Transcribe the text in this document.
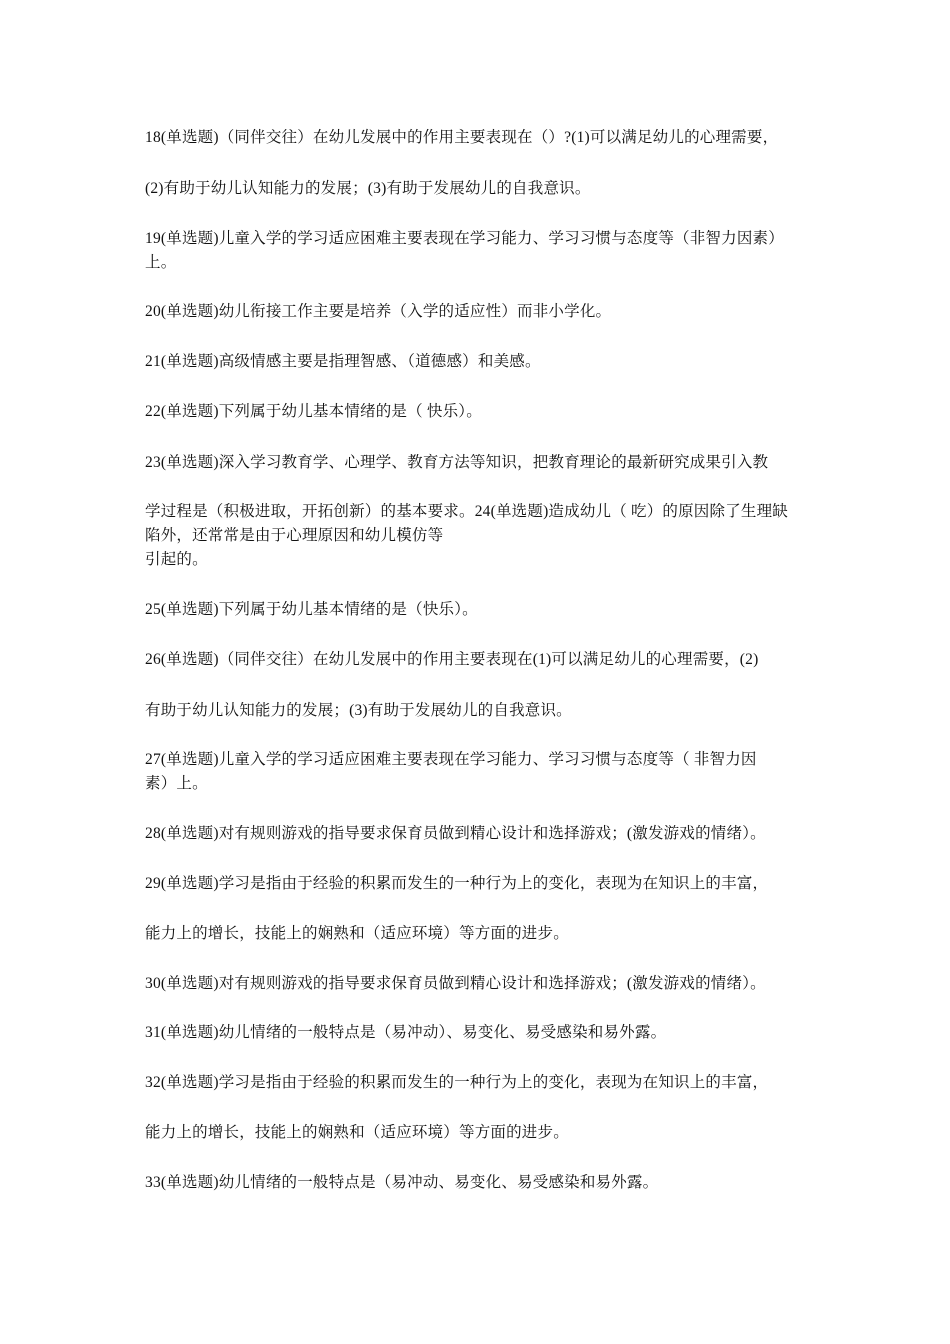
18(单选题)（同伴交往）在幼儿发展中的作用主要表现在（）?(1)可以满足幼儿的心理需要，
(2)有助于幼儿认知能力的发展；(3)有助于发展幼儿的自我意识。
19(单选题)儿童入学的学习适应困难主要表现在学习能力、学习习惯与态度等（非智力因素）
上。
20(单选题)幼儿衔接工作主要是培养（入学的适应性）而非小学化。
21(单选题)高级情感主要是指理智感、（道德感）和美感。
22(单选题)下列属于幼儿基本情绪的是（ 快乐）。
23(单选题)深入学习教育学、心理学、教育方法等知识，把教育理论的最新研究成果引入教
学过程是（积极进取，开拓创新）的基本要求。24(单选题)造成幼儿（ 吃）的原因除了生理缺
陷外，还常常是由于心理原因和幼儿模仿等
引起的。
25(单选题)下列属于幼儿基本情绪的是（快乐）。
26(单选题)（同伴交往）在幼儿发展中的作用主要表现在(1)可以满足幼儿的心理需要，(2)
有助于幼儿认知能力的发展；(3)有助于发展幼儿的自我意识。
27(单选题)儿童入学的学习适应困难主要表现在学习能力、学习习惯与态度等（ 非智力因
素）上。
28(单选题)对有规则游戏的指导要求保育员做到精心设计和选择游戏；(激发游戏的情绪）。
29(单选题)学习是指由于经验的积累而发生的一种行为上的变化，表现为在知识上的丰富，
能力上的增长，技能上的娴熟和（适应环境）等方面的进步。
30(单选题)对有规则游戏的指导要求保育员做到精心设计和选择游戏；(激发游戏的情绪）。
31(单选题)幼儿情绪的一般特点是（易冲动）、易变化、易受感染和易外露。
32(单选题)学习是指由于经验的积累而发生的一种行为上的变化，表现为在知识上的丰富，
能力上的增长，技能上的娴熟和（适应环境）等方面的进步。
33(单选题)幼儿情绪的一般特点是（易冲动、易变化、易受感染和易外露。
